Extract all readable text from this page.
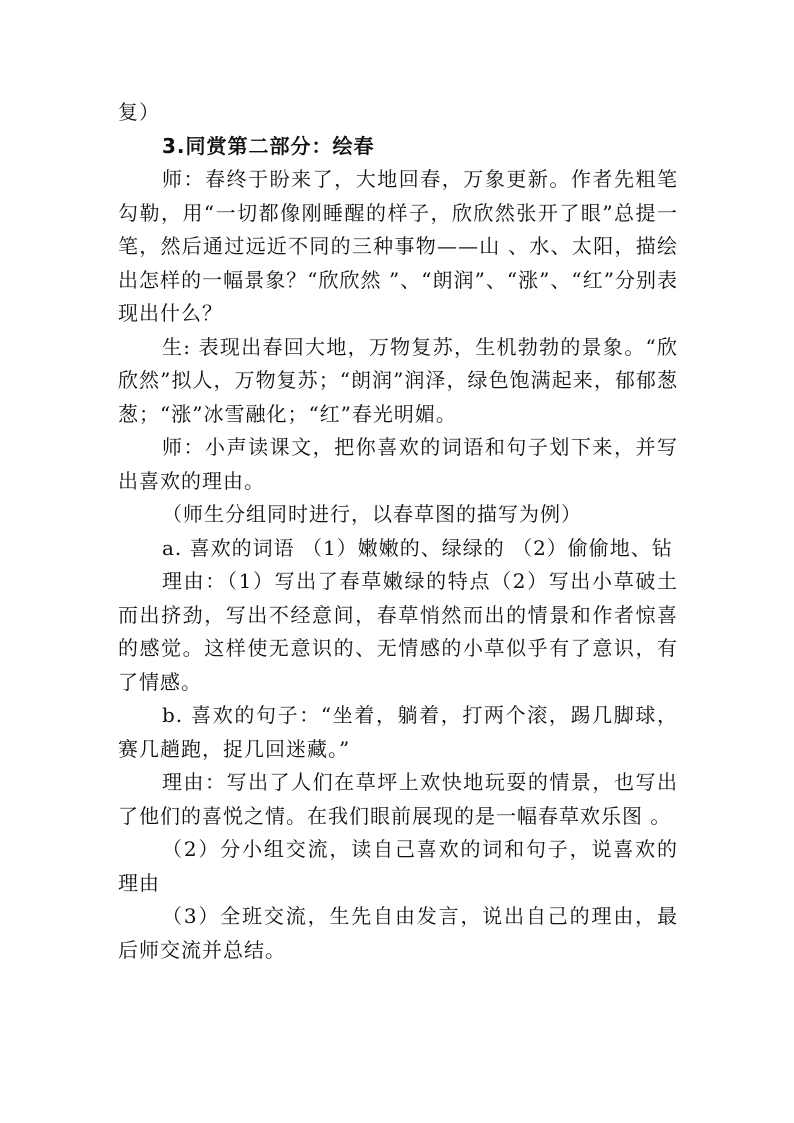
复）

3.同赏第二部分：绘春

师：春终于盼来了，大地回春，万象更新。作者先粗笔勾勒，用“一切都像刚睡醒的样子，欣欣然张开了眼”总提一笔，然后通过远近不同的三种事物——山 、水、太阳，描绘出怎样的一幅景象？“欣欣然 ”、“朗润”、“涨”、“红”分别表现出什么？

生: 表现出春回大地，万物复苏，生机勃勃的景象。“欣欣然”拟人，万物复苏；“朗润”润泽，绿色饱满起来，郁郁葱葱；“涨”冰雪融化；“红”春光明媚。

师：小声读课文，把你喜欢的词语和句子划下来，并写出喜欢的理由。

（师生分组同时进行，以春草图的描写为例）

a. 喜欢的词语 （1）嫩嫩的、绿绿的 （2）偷偷地、钻

理由：（1）写出了春草嫩绿的特点（2）写出小草破土而出挤劲，写出不经意间，春草悄然而出的情景和作者惊喜的感觉。这样使无意识的、无情感的小草似乎有了意识，有了情感。

b. 喜欢的句子：“坐着，躺着，打两个滚，踢几脚球，赛几趟跑，捉几回迷藏。”

理由：写出了人们在草坪上欢快地玩耍的情景，也写出了他们的喜悦之情。在我们眼前展现的是一幅春草欢乐图 。

（2）分小组交流，读自己喜欢的词和句子，说喜欢的理由

（3）全班交流，生先自由发言，说出自己的理由，最后师交流并总结。
